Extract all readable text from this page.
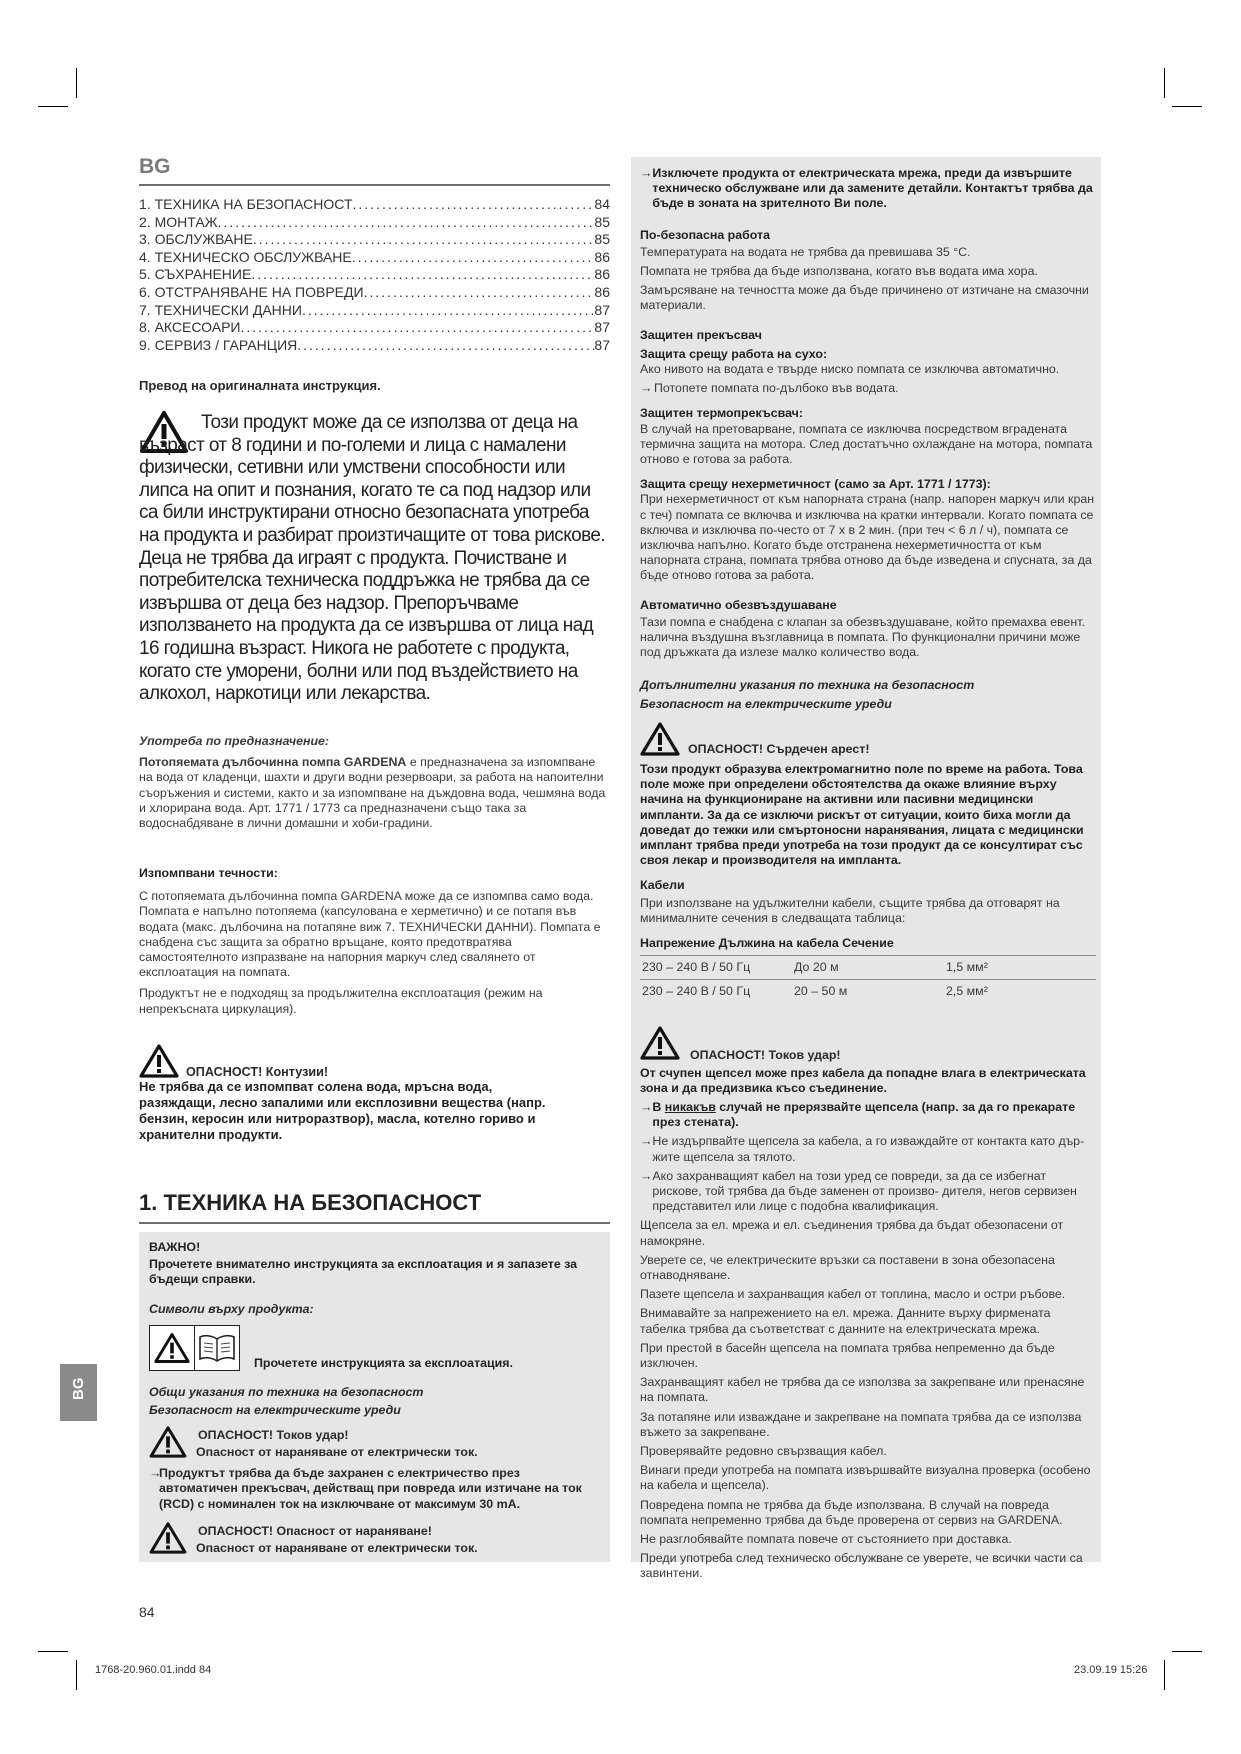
BG
1. ТЕХНИКА НА БЕЗОПАСНОСТ .....	84
2. МОНТАЖ .....	85
3. ОБСЛУЖВАНЕ .....	85
4. ТЕХНИЧЕСКО ОБСЛУЖВАНЕ .....	86
5. СЪХРАНЕНИЕ .....	86
6. ОТСТРАНЯВАНЕ НА ПОВРЕДИ .....	86
7. ТЕХНИЧЕСКИ ДАННИ .....	87
8. АКСЕСОАРИ .....	87
9. СЕРВИЗ / ГАРАНЦИЯ .....	87
Превод на оригиналната инструкция.
Този продукт може да се използва от деца на възраст от 8 години и по-големи и лица с намалени физически, сетивни или умствени способности или липса на опит и познания, когато те са под надзор или са били инструктирани относно безопасната употреба на продукта и разбират произтичащите от това рискове. Деца не трябва да играят с продукта. Почистване и потребителска техническа поддръжка не трябва да се извършва от деца без надзор. Препоръчваме използването на продукта да се извършва от лица над 16 годишна възраст. Никога не работете с продукта, когато сте уморени, болни или под въздействието на алкохол, наркотици или лекарства.
Употреба по предназначение:
Потопяемата дълбочинна помпа GARDENA е предназначена за изпомпване на вода от кладенци, шахти и други водни резервоари, за работа на напоителни съоръжения и системи, както и за изпомпване на дъждовна вода, чешмяна вода и хлорирана вода. Арт. 1771 / 1773 са предназначени също така за водоснабдяване в лични домашни и хоби-градини.
Изпомпвани течности:
С потопяемата дълбочинна помпа GARDENA може да се изпомпва само вода. Помпата е напълно потопяема (капсулована е херметично) и се потапя във водата (макс. дълбочина на потапяне виж 7. ТЕХНИЧЕСКИ ДАННИ). Помпата е снабдена със защита за обратно връщане, която предотвратява самостоятелното изпразване на напорния маркуч след свалянето от експлоатация на помпата.
Продуктът не е подходящ за продължителна експлоатация (режим на непрекъсната циркулация).
ОПАСНОСТ! Контузии!
Не трябва да се изпомпват солена вода, мръсна вода, разяждащи, лесно запалими или експлозивни вещества (напр. бензин, керосин или нитроразтвор), масла, котелно гориво и хранителни продукти.
1. ТЕХНИКА НА БЕЗОПАСНОСТ
ВАЖНО!
Прочетете внимателно инструкцията за експлоатация и я запазете за бъдещи справки.
Символи върху продукта:
Прочетете инструкцията за експлоатация.
Общи указания по техника на безопасност
Безопасност на електрическите уреди
ОПАСНОСТ! Токов удар!
Опасност от нараняване от електрически ток.
→
Продуктът трябва да бъде захранен с електричество през автоматичен прекъсвач, действащ при повреда или изтичане на ток (RCD) с номинален ток на изключване от максимум 30 mA.
ОПАСНОСТ! Опасност от нараняване!
Опасност от нараняване от електрически ток.
→ Изключете продукта от електрическата мрежа, преди да извършите техническо обслужване или да замените детайли. Контактът трябва да бъде в зоната на зрителното Ви поле.
По-безопасна работа
Температурата на водата не трябва да превишава 35 °C.
Помпата не трябва да бъде използвана, когато във водата има хора.
Замърсяване на течността може да бъде причинено от изтичане на смазочни материали.
Защитен прекъсвач
Защита срещу работа на сухо:
Ако нивото на водата е твърде ниско помпата се изключва автоматично.
→ Потопете помпата по-дълбоко във водата.
Защитен термопрекъсвач:
В случай на претоварване, помпата се изключва посредством вградената термична защита на мотора. След достатъчно охлаждане на мотора, помпата отново е готова за работа.
Защита срещу нехерметичност (само за Арт. 1771 / 1773):
При нехерметичност от към напорната страна (напр. напорен маркуч или кран с теч) помпата се включва и изключва на кратки интервали. Когато помпата се включва и изключва по-често от 7 х в 2 мин. (при теч < 6 л / ч), помпата се изключва напълно. Когато бъде отстранена нехерметичността от към напорната страна, помпата трябва отново да бъде изведена и спусната, за да бъде отново готова за работа.
Автоматично обезвъздушаване
Тази помпа е снабдена с клапан за обезвъздушаване, който премахва евент. налична въздушна възглавница в помпата. По функционални причини може под дръжката да излезе малко количество вода.
Допълнителни указания по техника на безопасност
Безопасност на електрическите уреди
ОПАСНОСТ! Сърдечен арест!
Този продукт образува електромагнитно поле по време на работа. Това поле може при определени обстоятелства да окаже влияние върху начина на функциониране на активни или пасивни медицински импланти. За да се изключи рискът от ситуации, които биха могли да доведат до тежки или смъртоносни наранявания, лицата с медицински имплант трябва преди употреба на този продукт да се консултират със своя лекар и производителя на импланта.
Кабели
При използване на удължителни кабели, същите трябва да отговарят на минималните сечения в следващата таблица:
Напрежение Дължина на кабела Сечение
230 – 240 В / 50 Гц	До 20 м	1,5 мм²
230 – 240 В / 50 Гц	20 – 50 м	2,5 мм²
ОПАСНОСТ! Токов удар!
От счупен щепсел може през кабела да попадне влага в електрическата зона и да предизвика късо съединение.
→ В никакъв случай не прерязвайте щепсела (напр. за да го прекарате през стената).
→ Не издърпвайте щепсела за кабела, а го изваждайте от контакта като дър- жите щепсела за тялото.
→ Ако захранващият кабел на този уред се повреди, за да се избегнат рискове, той трябва да бъде заменен от произво- дителя, негов сервизен представител или лице с подобна квалификация.
Щепсела за ел. мрежа и ел. съединения трябва да бъдат обезопасени от намокряне.
Уверете се, че електрическите връзки са поставени в зона обезопасена отнаводняване.
Пазете щепсела и захранващия кабел от топлина, масло и остри ръбове.
Внимавайте за напрежението на ел. мрежа. Данните върху фирмената табелка трябва да съответстват с данните на електрическата мрежа.
При престой в басейн щепсела на помпата трябва непременно да бъде изключен.
Захранващият кабел не трябва да се използва за закрепване или пренасяне на помпата.
За потапяне или изваждане и закрепване на помпата трябва да се използва въжето за закрепване.
Проверявайте редовно свързващия кабел.
Винаги преди употреба на помпата извършвайте визуална проверка (особено на кабела и щепсела).
Повредена помпа не трябва да бъде използвана. В случай на повреда помпата непременно трябва да бъде проверена от сервиз на GARDENA.
Не разглобявайте помпата повече от състоянието при доставка.
Преди употреба след техническо обслужване се уверете, че всички части са завинтени.
BG
84
1768-20.960.01.indd 84	23.09.19 15:26
